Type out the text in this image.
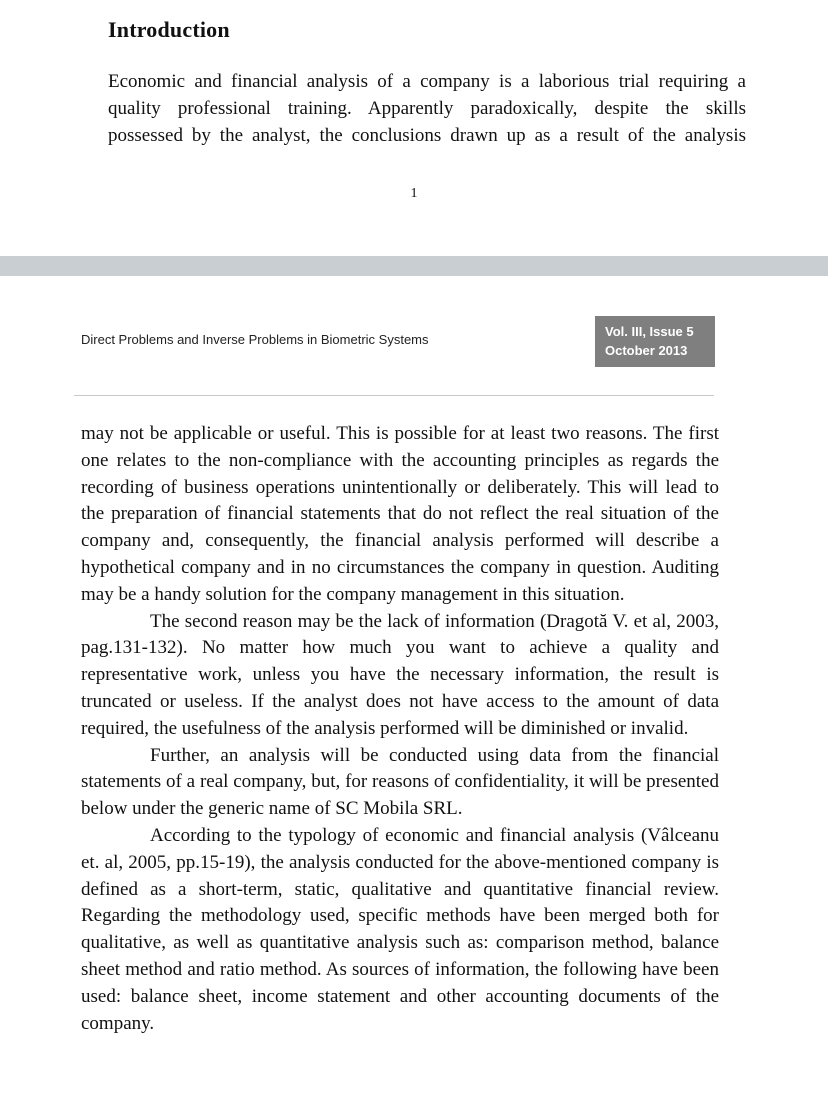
Introduction

Economic and financial analysis of a company is a laborious trial requiring a

quality professional training. Apparently paradoxically, despite the skills

possessed by the analyst, the conclusions drawn up as a result of the analysis

1
Direct Problems and Inverse Problems in Biometric Systems
Vol. III, Issue 5
October 2013

may not be applicable or useful. This is possible for at least two reasons. The first one relates to the non-compliance with the accounting principles as regards the recording of business operations unintentionally or deliberately. This will lead to the preparation of financial statements that do not reflect the real situation of the company and, consequently, the financial analysis performed will describe a hypothetical company and in no circumstances the company in question. Auditing may be a handy solution for the company management in this situation.

The second reason may be the lack of information (Dragotă V. et al, 2003, pag.131-132). No matter how much you want to achieve a quality and representative work, unless you have the necessary information, the result is truncated or useless. If the analyst does not have access to the amount of data required, the usefulness of the analysis performed will be diminished or invalid.

Further, an analysis will be conducted using data from the financial statements of a real company, but, for reasons of confidentiality, it will be presented below under the generic name of SC Mobila SRL.

According to the typology of economic and financial analysis (Vâlceanu et. al, 2005, pp.15-19), the analysis conducted for the above-mentioned company is defined as a short-term, static, qualitative and quantitative financial review. Regarding the methodology used, specific methods have been merged both for qualitative, as well as quantitative analysis such as: comparison method, balance sheet method and ratio method. As sources of information, the following have been used: balance sheet, income statement and other accounting documents of the company.
